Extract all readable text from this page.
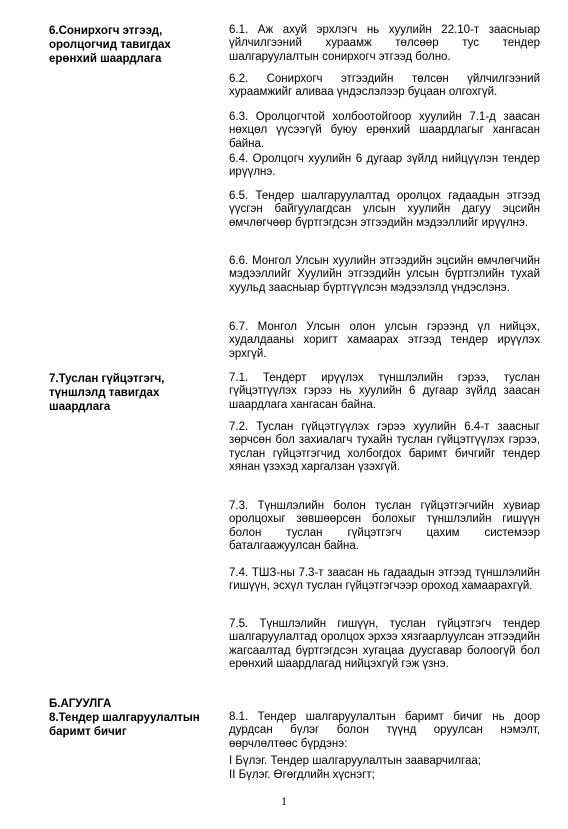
6.Сонирхогч этгээд, оролцогчид тавигдах ерөнхий шаардлага
6.1. Аж ахуй эрхлэгч нь хуулийн 22.10-т заасныар үйлчилгээний хураамж төлсөөр тус тендер шалгаруулалтын сонирхогч этгээд болно.
6.2. Сонирхогч этгээдийн төлсөн үйлчилгээний хураамжийг аливаа үндэслэлээр буцаан олгохгүй.
6.3. Оролцогчтой холбоотойгоор хуулийн 7.1-д заасан нөхцөл үүсээгүй буюу ерөнхий шаардлагыг хангасан байна.
6.4. Оролцогч хуулийн 6 дугаар зүйлд нийцүүлэн тендер ирүүлнэ.
6.5. Тендер шалгаруулалтад оролцох гадаадын этгээд үүсгэн байгуулагдсан улсын хуулийн дагуу эцсийн өмчлөгчөөр бүртгэгдсэн этгээдийн мэдээллийг ирүүлнэ.
6.6. Монгол Улсын хуулийн этгээдийн эцсийн өмчлөгчийн мэдээллийг Хуулийн этгээдийн улсын бүртгэлийн тухай хуульд заасныар бүртгүүлсэн мэдээлэлд үндэслэнэ.
6.7. Монгол Улсын олон улсын гэрээнд үл нийцэх, худалдааны хоригт хамаарах этгээд тендер ирүүлэх эрхгүй.
7.Туслан гүйцэтгэгч, түншлэлд тавигдах шаардлага
7.1. Тендерт ирүүлэх түншлэлийн гэрээ, туслан гүйцэтгүүлэх гэрээ нь хуулийн 6 дугаар зүйлд заасан шаардлага хангасан байна.
7.2. Туслан гүйцэтгүүлэх гэрээ хуулийн 6.4-т заасныг зөрчсөн бол захиалагч тухайн туслан гүйцэтгүүлэх гэрээ, туслан гүйцэтгэгчид холбогдох баримт бичгийг тендер хянан үзэхэд харгалзан үзэхгүй.
7.3. Түншлэлийн болон туслан гүйцэтгэгчийн хувиар оролцохыг зөвшөөрсөн болохыг түншлэлийн гишүүн болон туслан гүйцэтгэгч цахим системээр баталгаажуулсан байна.
7.4. ТШЗ-ны 7.3-т заасан нь гадаадын этгээд түншлэлийн гишүүн, эсхүл туслан гүйцэтгэгчээр ороход хамаарахгүй.
7.5. Түншлэлийн гишүүн, туслан гүйцэтгэгч тендер шалгаруулалтад оролцох эрхээ хязгаарлуулсан этгээдийн жагсаалтад бүртгэгдсэн хугацаа дуусгавар болоогүй бол ерөнхий шаардлагад нийцэхгүй гэж үзнэ.
Б.АГУУЛГА
8.Тендер шалгаруулалтын баримт бичиг
8.1. Тендер шалгаруулалтын баримт бичиг нь доор дурдсан бүлэг болон түүнд оруулсан нэмэлт, өөрчлөлтөөс бүрдэнэ:
I Бүлэг. Тендер шалгаруулалтын зааварчилгаа;
II Бүлэг. Өгөгдлийн хүснэгт;
1
